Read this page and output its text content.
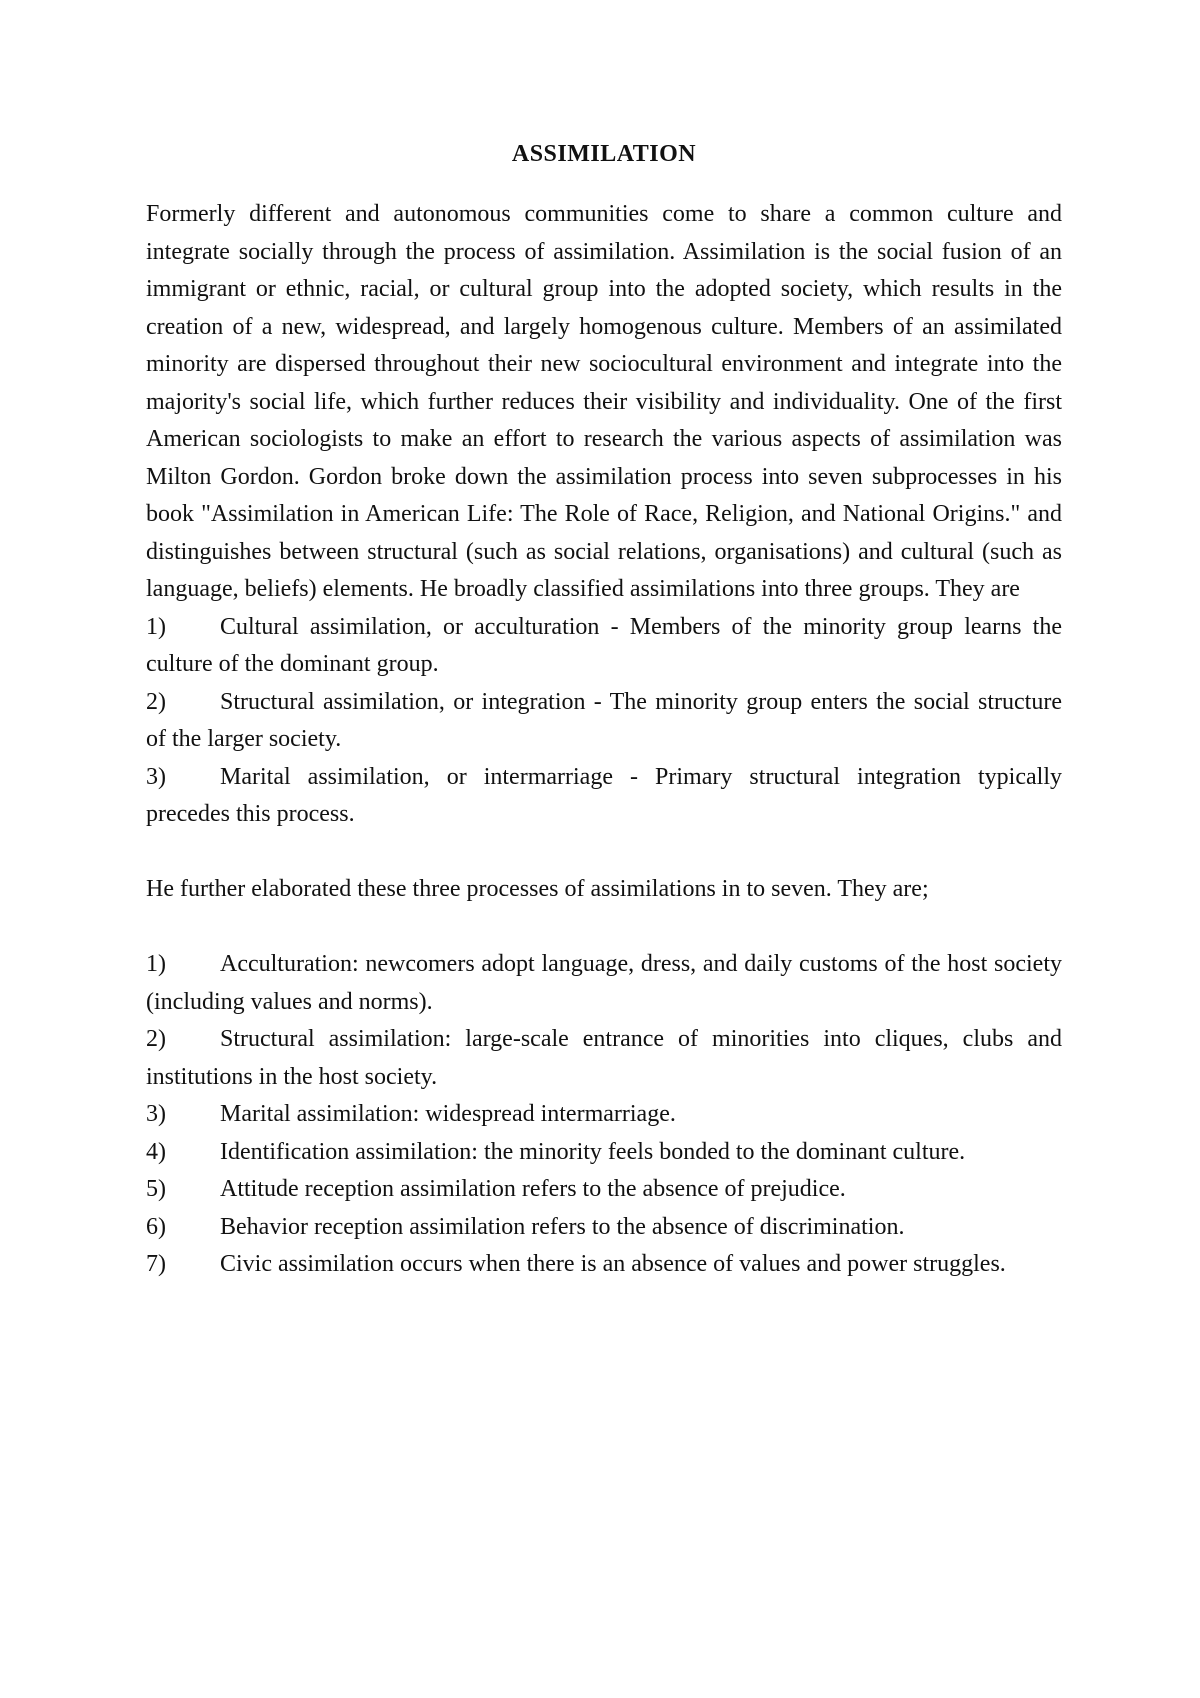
ASSIMILATION

Formerly different and autonomous communities come to share a common culture and integrate socially through the process of assimilation. Assimilation is the social fusion of an immigrant or ethnic, racial, or cultural group into the adopted society, which results in the creation of a new, widespread, and largely homogenous culture. Members of an assimilated minority are dispersed throughout their new sociocultural environment and integrate into the majority's social life, which further reduces their visibility and individuality. One of the first American sociologists to make an effort to research the various aspects of assimilation was Milton Gordon. Gordon broke down the assimilation process into seven subprocesses in his book "Assimilation in American Life: The Role of Race, Religion, and National Origins." and distinguishes between structural (such as social relations, organisations) and cultural (such as language, beliefs) elements. He broadly classified assimilations into three groups. They are

1) Cultural assimilation, or acculturation - Members of the minority group learns the culture of the dominant group.
2) Structural assimilation, or integration - The minority group enters the social structure of the larger society.
3) Marital assimilation, or intermarriage - Primary structural integration typically precedes this process.

He further elaborated these three processes of assimilations in to seven. They are;

1) Acculturation: newcomers adopt language, dress, and daily customs of the host society (including values and norms).
2) Structural assimilation: large-scale entrance of minorities into cliques, clubs and institutions in the host society.
3) Marital assimilation: widespread intermarriage.
4) Identification assimilation: the minority feels bonded to the dominant culture.
5) Attitude reception assimilation refers to the absence of prejudice.
6) Behavior reception assimilation refers to the absence of discrimination.
7) Civic assimilation occurs when there is an absence of values and power struggles.
